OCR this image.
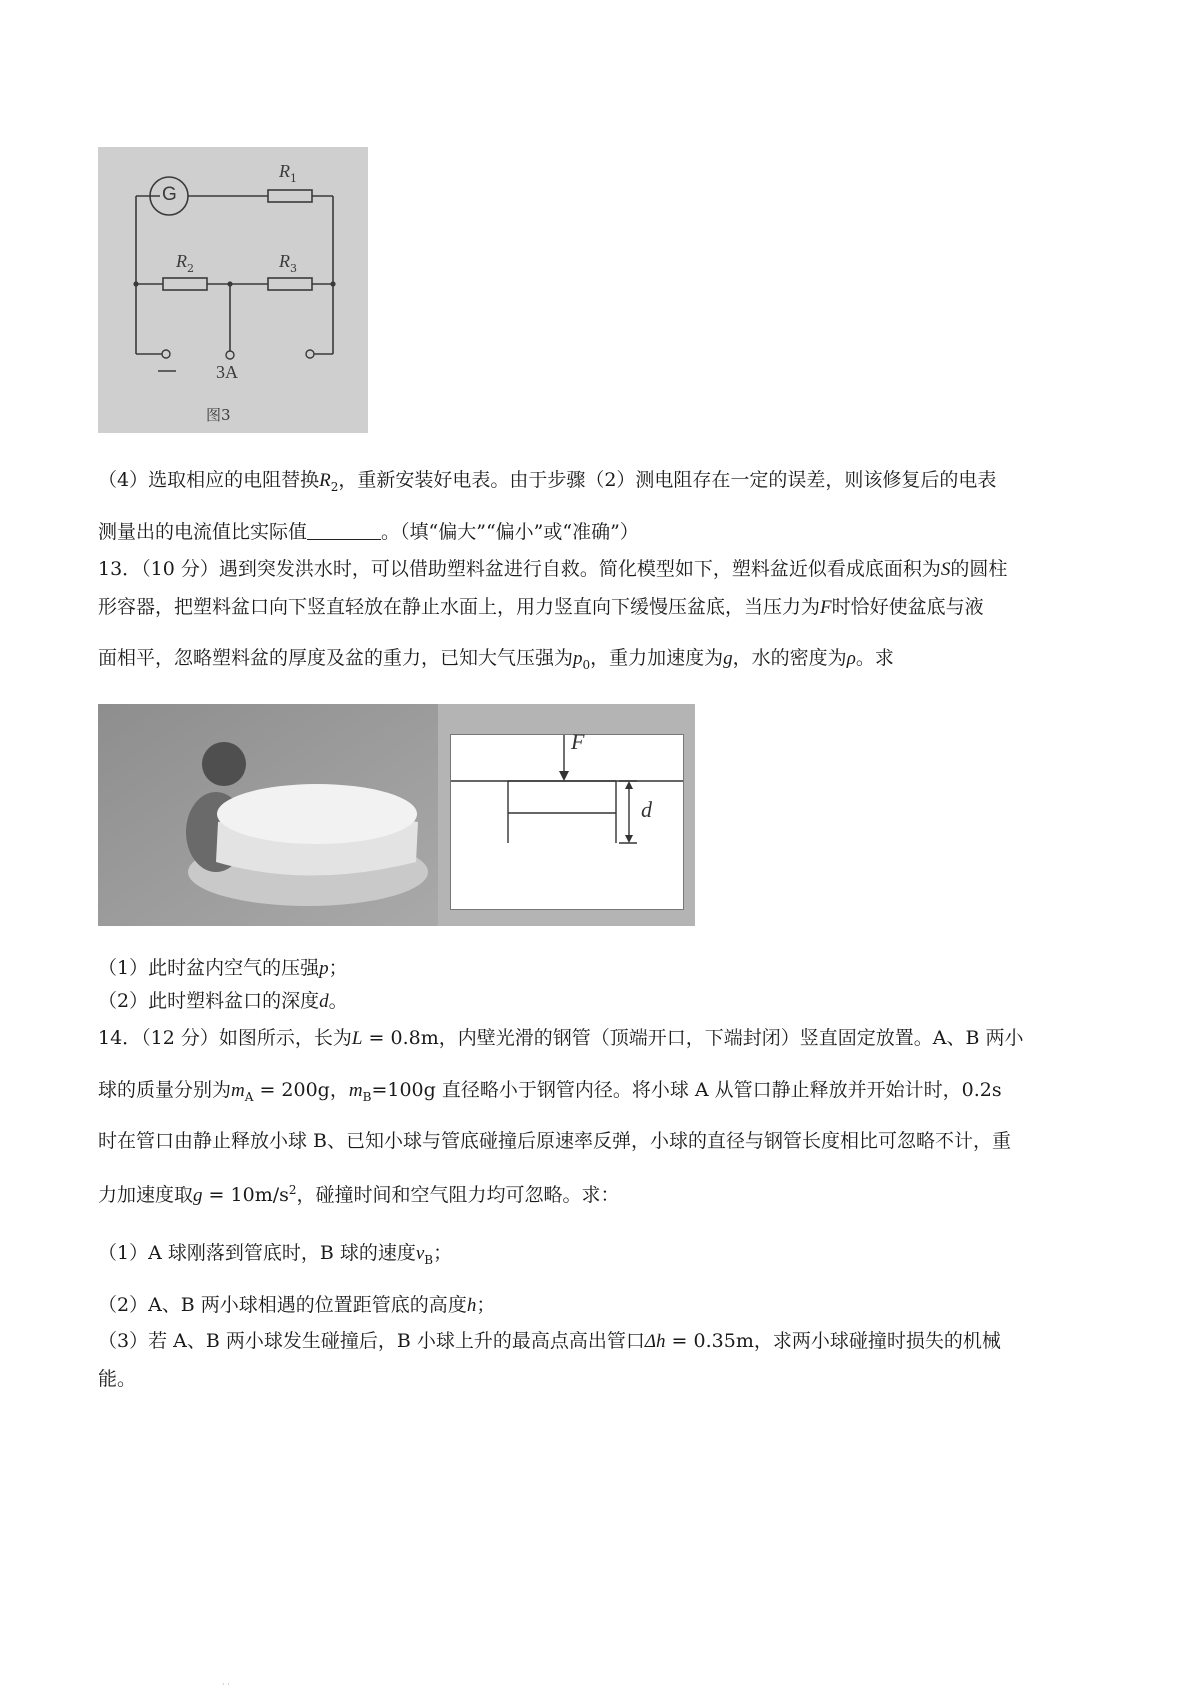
G
$R_1$
$R_2$	$R_3$
3A
图3
（4）选取相应的电阻替换$R_2$，重新安装好电表。由于步骤（2）测电阻存在一定的误差，则该修复后的电表
测量出的电流值比实际值	。（填“偏大”“偏小”或“准确”）
13．（10 分）遇到突发洪水时，可以借助塑料盆进行自救。简化模型如下，塑料盆近似看成底面积为S的圆柱
形容器，把塑料盆口向下竖直轻放在静止水面上，用力竖直向下缓慢压盆底，当压力为F时恰好使盆底与液
面相平，忽略塑料盆的厚度及盆的重力，已知大气压强为$p_0$，重力加速度为g，水的密度为ρ。求
F
d
（1）此时盆内空气的压强p；
（2）此时塑料盆口的深度d。
14．（12 分）如图所示，长为L = 0.8m，内壁光滑的钢管（顶端开口，下端封闭）竖直固定放置。A、B 两小
球的质量分别为$m_A = 200g$，$m_B=100g$ 直径略小于钢管内径。将小球 A 从管口静止释放并开始计时，0.2s
时在管口由静止释放小球 B、已知小球与管底碰撞后原速率反弹，小球的直径与钢管长度相比可忽略不计，重
力加速度取$g = 10m/s^2$，碰撞时间和空气阻力均可忽略。求：
（1）A 球刚落到管底时，B 球的速度$v_B$；
（2）A、B 两小球相遇的位置距管底的高度h；
（3）若 A、B 两小球发生碰撞后，B 小球上升的最高点高出管口Δh = 0.35m，求两小球碰撞时损失的机械
能。
· ·
